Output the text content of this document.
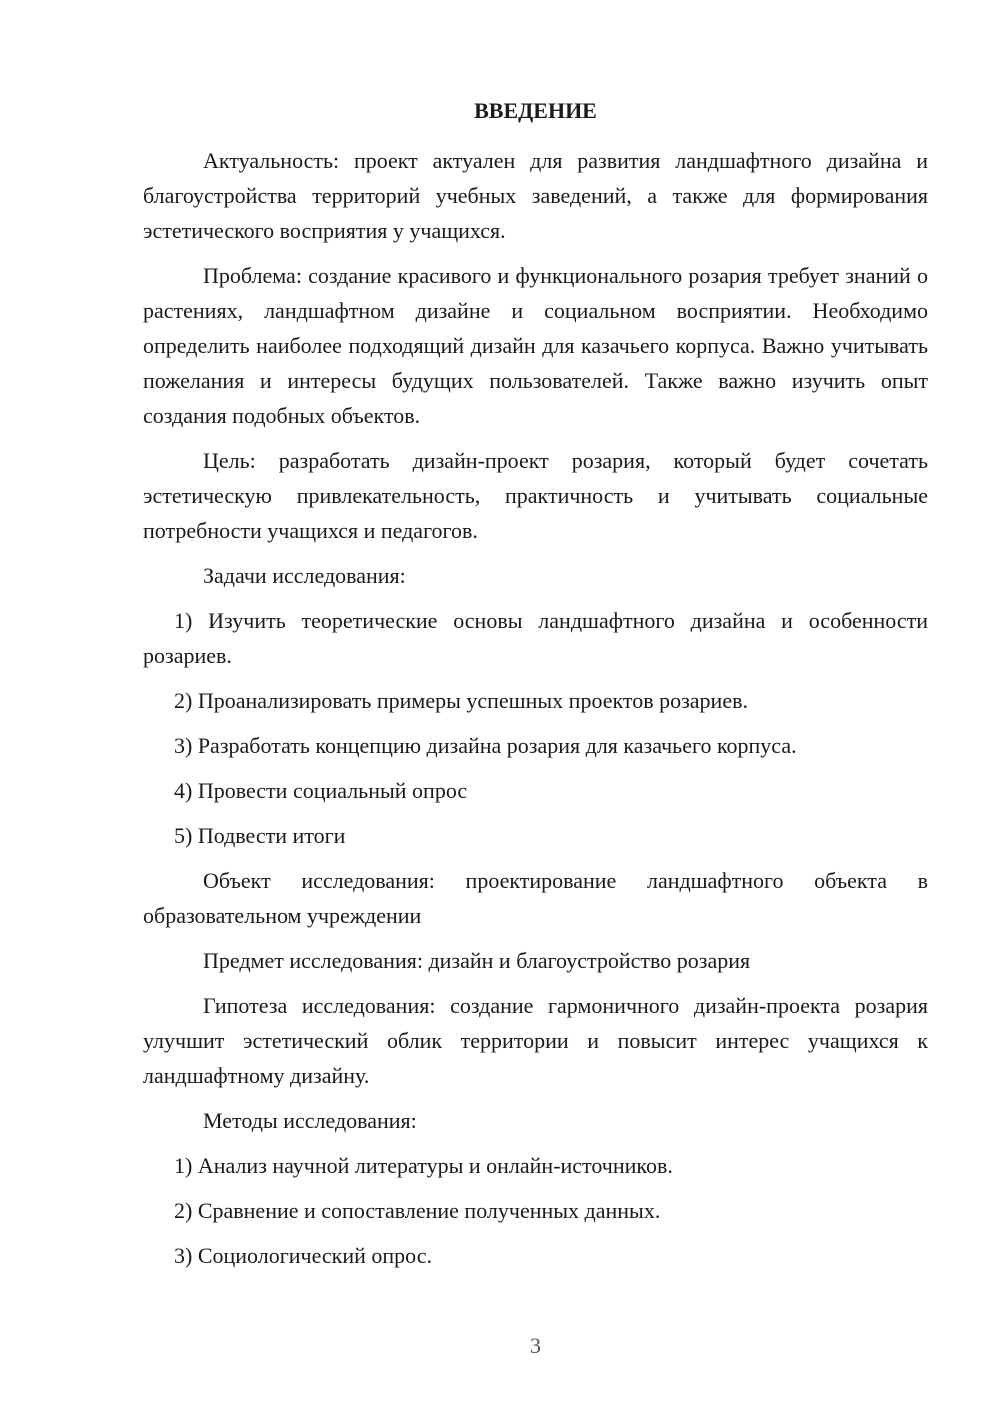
ВВЕДЕНИЕ

Актуальность: проект актуален для развития ландшафтного дизайна и благоустройства территорий учебных заведений, а также для формирования эстетического восприятия у учащихся.

Проблема: создание красивого и функционального розария требует знаний о растениях, ландшафтном дизайне и социальном восприятии. Необходимо определить наиболее подходящий дизайн для казачьего корпуса. Важно учитывать пожелания и интересы будущих пользователей. Также важно изучить опыт создания подобных объектов.

Цель: разработать дизайн-проект розария, который будет сочетать эстетическую привлекательность, практичность и учитывать социальные потребности учащихся и педагогов.

Задачи исследования:

1) Изучить теоретические основы ландшафтного дизайна и особенности розариев.

2) Проанализировать примеры успешных проектов розариев.

3) Разработать концепцию дизайна розария для казачьего корпуса.

4) Провести социальный опрос

5) Подвести итоги

Объект исследования: проектирование ландшафтного объекта в образовательном учреждении

Предмет исследования: дизайн и благоустройство розария

Гипотеза исследования: создание гармоничного дизайн-проекта розария улучшит эстетический облик территории и повысит интерес учащихся к ландшафтному дизайну.

Методы исследования:

1) Анализ научной литературы и онлайн-источников.

2) Сравнение и сопоставление полученных данных.

3) Социологический опрос.

3
